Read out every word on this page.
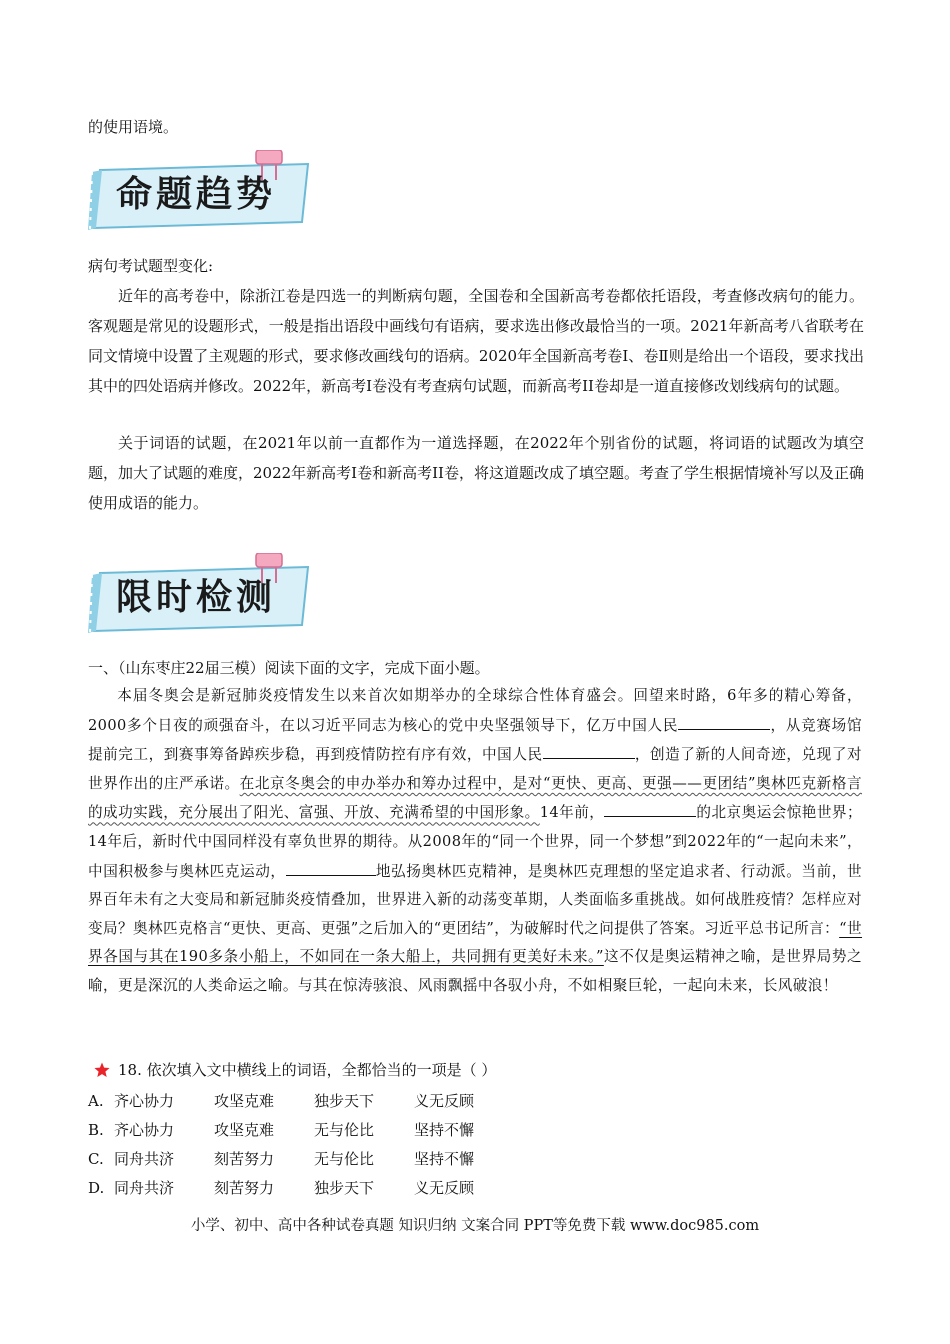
的使用语境。
命题趋势
病句考试题型变化:
近年的高考卷中，除浙江卷是四选一的判断病句题，全国卷和全国新高考卷都依托语段，考查修改病句的能力。客观题是常见的设题形式，一般是指出语段中画线句有语病，要求选出修改最恰当的一项。2021年新高考八省联考在同文情境中设置了主观题的形式，要求修改画线句的语病。2020年全国新高考卷Ⅰ、卷Ⅱ则是给出一个语段，要求找出其中的四处语病并修改。2022年，新高考I卷没有考查病句试题，而新高考II卷却是一道直接修改划线病句的试题。
关于词语的试题，在2021年以前一直都作为一道选择题，在2022年个别省份的试题，将词语的试题改为填空题，加大了试题的难度，2022年新高考I卷和新高考II卷，将这道题改成了填空题。考查了学生根据情境补写以及正确使用成语的能力。
限时检测
一、（山东枣庄22届三模）阅读下面的文字，完成下面小题。
本届冬奥会是新冠肺炎疫情发生以来首次如期举办的全球综合性体育盛会。回望来时路，6年多的精心筹备，2000多个日夜的顽强奋斗，在以习近平同志为核心的党中央坚强领导下，亿万中国人民	，从竞赛场馆提前完工，到赛事筹备踔疾步稳，再到疫情防控有序有效，中国人民	，创造了新的人间奇迹，兑现了对世界作出的庄严承诺。在北京冬奥会的申办举办和筹办过程中，是对“更快、更高、更强——更团结”奥林匹克新格言的成功实践，充分展出了阳光、富强、开放、充满希望的中国形象。14年前，	的北京奥运会惊艳世界；14年后，新时代中国同样没有辜负世界的期待。从2008年的“同一个世界，同一个梦想”到2022年的“一起向未来”，中国积极参与奥林匹克运动，	地弘扬奥林匹克精神，是奥林匹克理想的坚定追求者、行动派。当前，世界百年未有之大变局和新冠肺炎疫情叠加，世界进入新的动荡变革期，人类面临多重挑战。如何战胜疫情？怎样应对变局？奥林匹克格言“更快、更高、更强”之后加入的“更团结”，为破解时代之问提供了答案。习近平总书记所言：“世界各国与其在190多条小船上，不如同在一条大船上，共同拥有更美好未来。”这不仅是奥运精神之喻，是世界局势之喻，更是深沉的人类命运之喻。与其在惊涛骇浪、风雨飘摇中各驭小舟，不如相聚巨轮，一起向未来，长风破浪！
18. 依次填入文中横线上的词语，全都恰当的一项是（ ）
A. 齐心协力	攻坚克难	独步天下	义无反顾
B. 齐心协力	攻坚克难	无与伦比	坚持不懈
C. 同舟共济	刻苦努力	无与伦比	坚持不懈
D. 同舟共济	刻苦努力	独步天下	义无反顾
小学、初中、高中各种试卷真题 知识归纳 文案合同 PPT等免费下载 www.doc985.com
